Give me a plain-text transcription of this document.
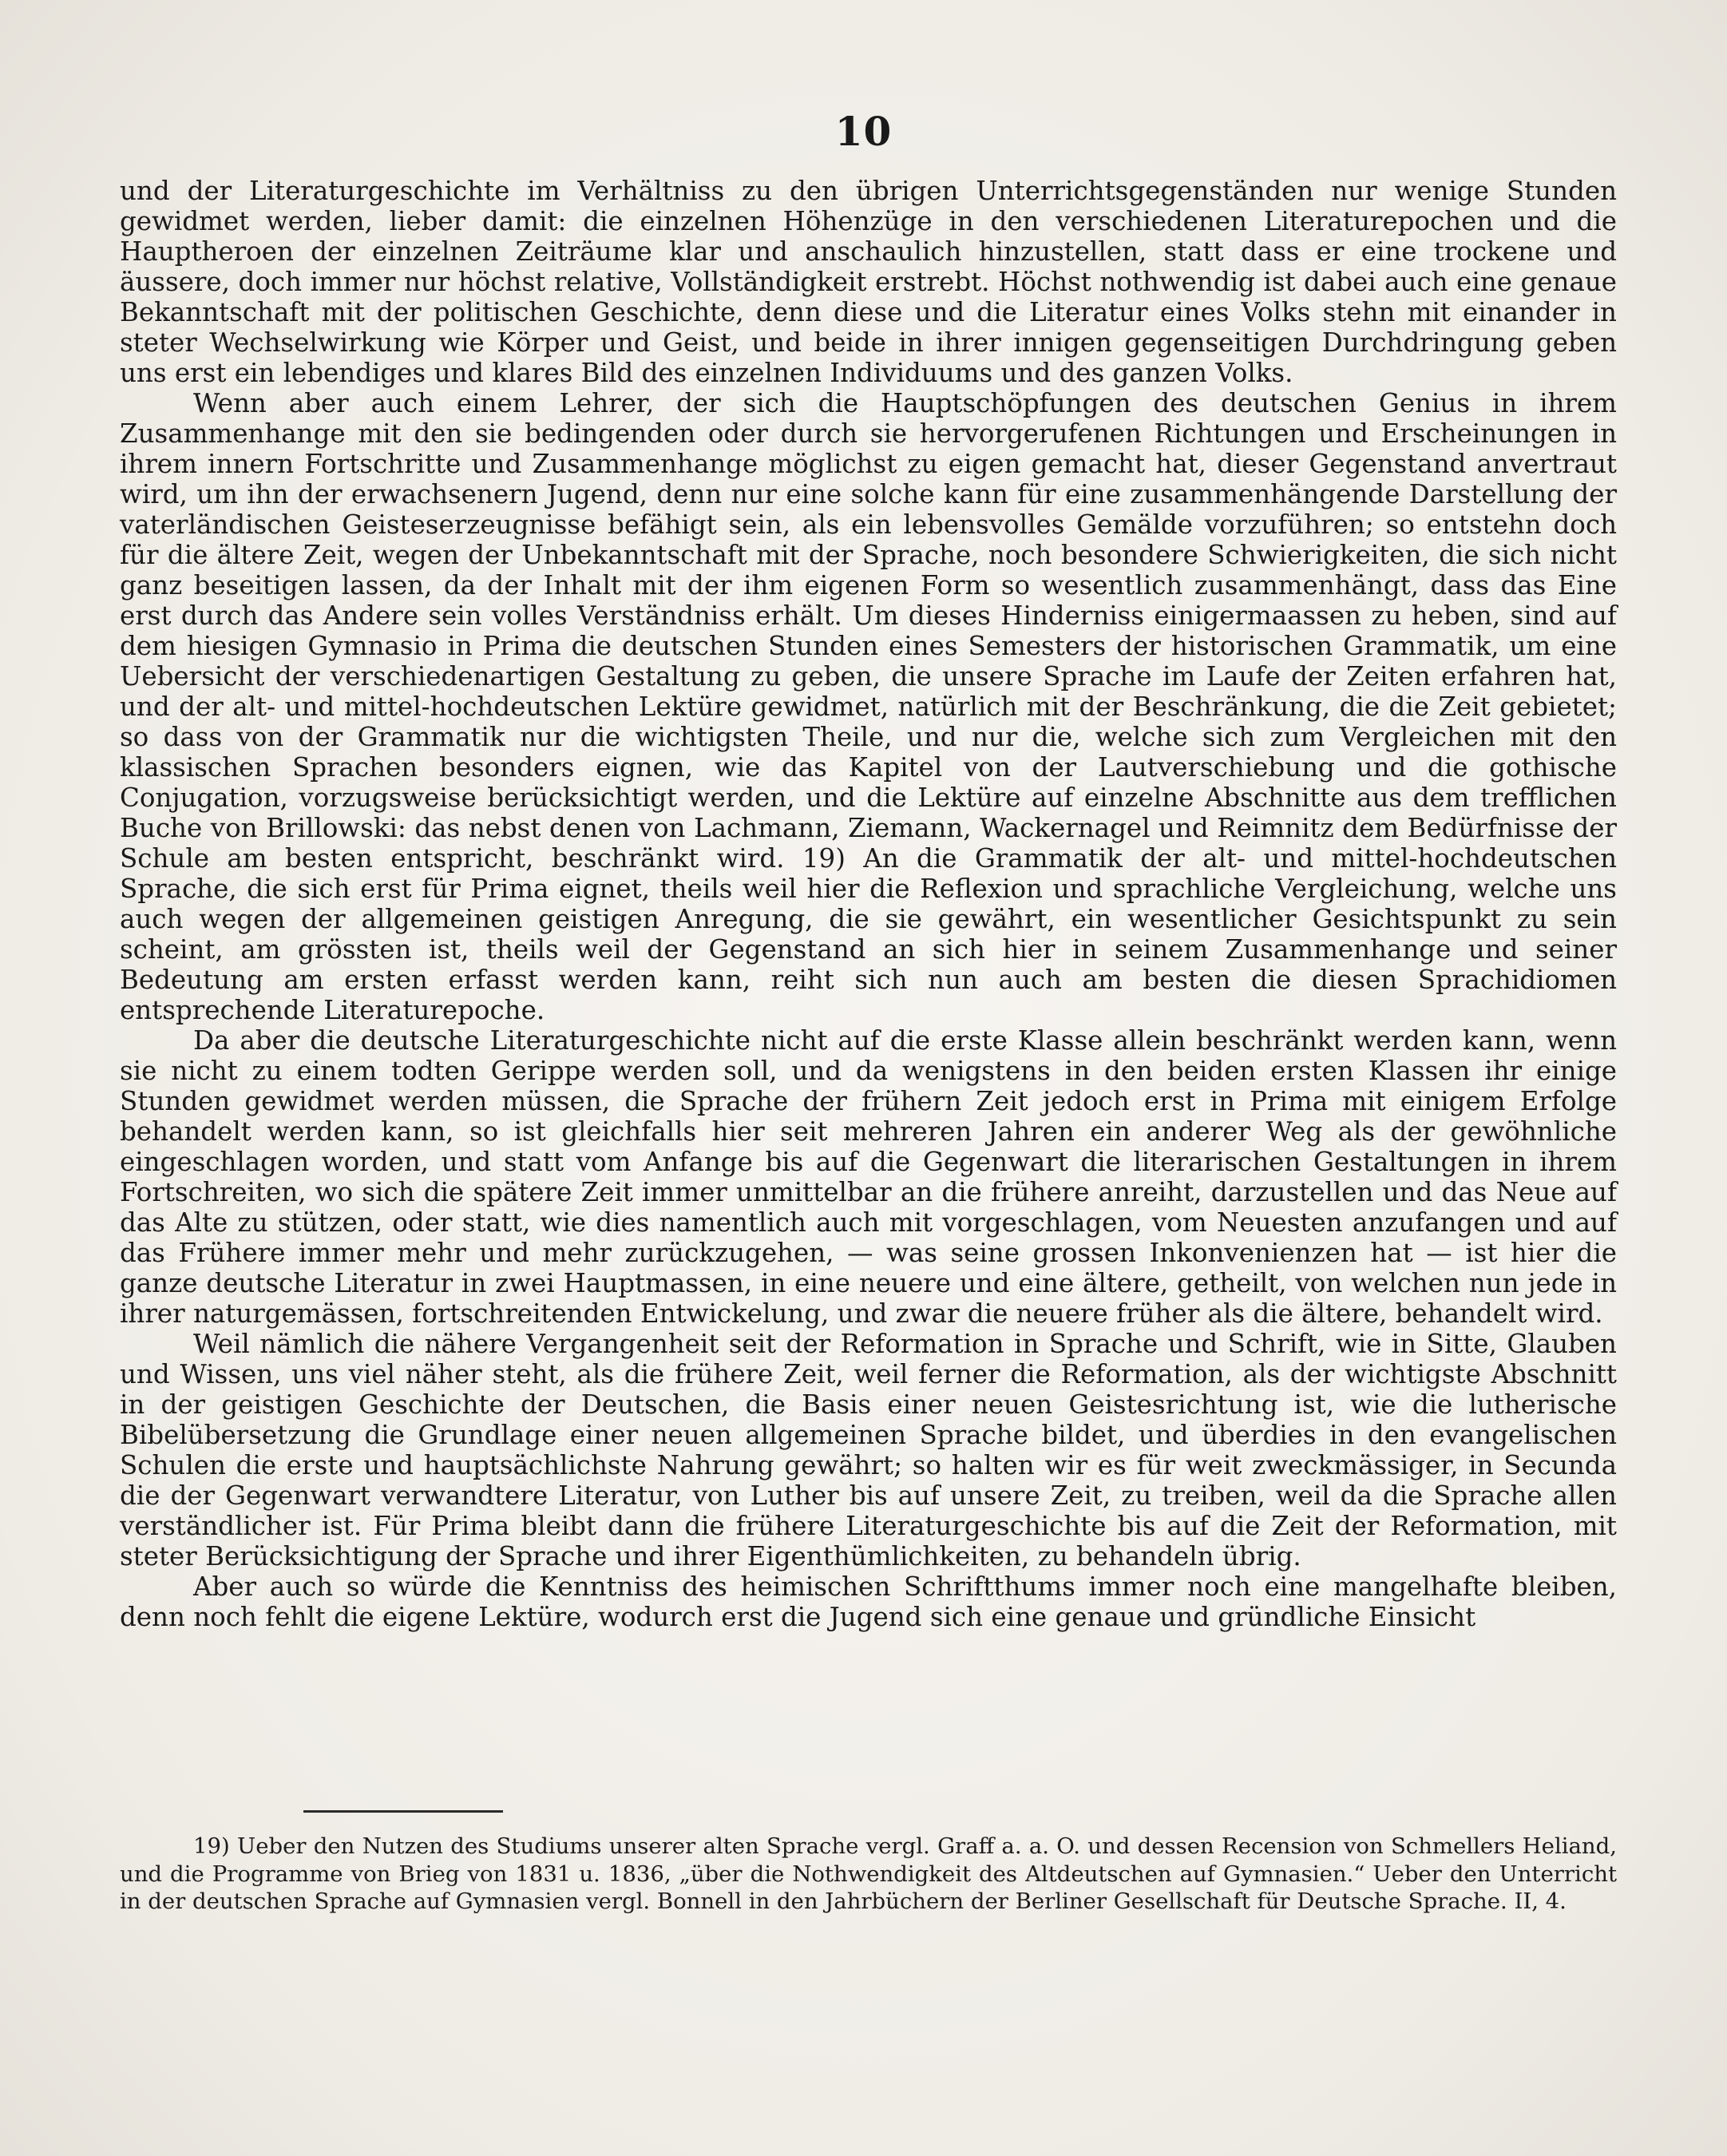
10

und der Literaturgeschichte im Verhältniss zu den übrigen Unterrichtsgegenständen nur wenige Stunden gewidmet werden, lieber damit: die einzelnen Höhenzüge in den verschiedenen Literaturepochen und die Hauptheroen der einzelnen Zeiträume klar und anschaulich hinzustellen, statt dass er eine trockene und äussere, doch immer nur höchst relative, Vollständigkeit erstrebt. Höchst nothwendig ist dabei auch eine genaue Bekanntschaft mit der politischen Geschichte, denn diese und die Literatur eines Volks stehn mit einander in steter Wechselwirkung wie Körper und Geist, und beide in ihrer innigen gegenseitigen Durchdringung geben uns erst ein lebendiges und klares Bild des einzelnen Individuums und des ganzen Volks.

Wenn aber auch einem Lehrer, der sich die Hauptschöpfungen des deutschen Genius in ihrem Zusammenhange mit den sie bedingenden oder durch sie hervorgerufenen Richtungen und Erscheinungen in ihrem innern Fortschritte und Zusammenhange möglichst zu eigen gemacht hat, dieser Gegenstand anvertraut wird, um ihn der erwachsenern Jugend, denn nur eine solche kann für eine zusammenhängende Darstellung der vaterländischen Geisteserzeugnisse befähigt sein, als ein lebensvolles Gemälde vorzuführen; so entstehn doch für die ältere Zeit, wegen der Unbekanntschaft mit der Sprache, noch besondere Schwierigkeiten, die sich nicht ganz beseitigen lassen, da der Inhalt mit der ihm eigenen Form so wesentlich zusammenhängt, dass das Eine erst durch das Andere sein volles Verständniss erhält. Um dieses Hinderniss einigermaassen zu heben, sind auf dem hiesigen Gymnasio in Prima die deutschen Stunden eines Semesters der historischen Grammatik, um eine Uebersicht der verschiedenartigen Gestaltung zu geben, die unsere Sprache im Laufe der Zeiten erfahren hat, und der alt- und mittel-hochdeutschen Lektüre gewidmet, natürlich mit der Beschränkung, die die Zeit gebietet; so dass von der Grammatik nur die wichtigsten Theile, und nur die, welche sich zum Vergleichen mit den klassischen Sprachen besonders eignen, wie das Kapitel von der Lautverschiebung und die gothische Conjugation, vorzugsweise berücksichtigt werden, und die Lektüre auf einzelne Abschnitte aus dem trefflichen Buche von Brillowski: das nebst denen von Lachmann, Ziemann, Wackernagel und Reimnitz dem Bedürfnisse der Schule am besten entspricht, beschränkt wird. 19) An die Grammatik der alt- und mittel-hochdeutschen Sprache, die sich erst für Prima eignet, theils weil hier die Reflexion und sprachliche Vergleichung, welche uns auch wegen der allgemeinen geistigen Anregung, die sie gewährt, ein wesentlicher Gesichtspunkt zu sein scheint, am grössten ist, theils weil der Gegenstand an sich hier in seinem Zusammenhange und seiner Bedeutung am ersten erfasst werden kann, reiht sich nun auch am besten die diesen Sprachidiomen entsprechende Literaturepoche.

Da aber die deutsche Literaturgeschichte nicht auf die erste Klasse allein beschränkt werden kann, wenn sie nicht zu einem todten Gerippe werden soll, und da wenigstens in den beiden ersten Klassen ihr einige Stunden gewidmet werden müssen, die Sprache der frühern Zeit jedoch erst in Prima mit einigem Erfolge behandelt werden kann, so ist gleichfalls hier seit mehreren Jahren ein anderer Weg als der gewöhnliche eingeschlagen worden, und statt vom Anfange bis auf die Gegenwart die literarischen Gestaltungen in ihrem Fortschreiten, wo sich die spätere Zeit immer unmittelbar an die frühere anreiht, darzustellen und das Neue auf das Alte zu stützen, oder statt, wie dies namentlich auch mit vorgeschlagen, vom Neuesten anzufangen und auf das Frühere immer mehr und mehr zurückzugehen, — was seine grossen Inkonvenienzen hat — ist hier die ganze deutsche Literatur in zwei Hauptmassen, in eine neuere und eine ältere, getheilt, von welchen nun jede in ihrer naturgemässen, fortschreitenden Entwickelung, und zwar die neuere früher als die ältere, behandelt wird.

Weil nämlich die nähere Vergangenheit seit der Reformation in Sprache und Schrift, wie in Sitte, Glauben und Wissen, uns viel näher steht, als die frühere Zeit, weil ferner die Reformation, als der wichtigste Abschnitt in der geistigen Geschichte der Deutschen, die Basis einer neuen Geistesrichtung ist, wie die lutherische Bibelübersetzung die Grundlage einer neuen allgemeinen Sprache bildet, und überdies in den evangelischen Schulen die erste und hauptsächlichste Nahrung gewährt; so halten wir es für weit zweckmässiger, in Secunda die der Gegenwart verwandtere Literatur, von Luther bis auf unsere Zeit, zu treiben, weil da die Sprache allen verständlicher ist. Für Prima bleibt dann die frühere Literaturgeschichte bis auf die Zeit der Reformation, mit steter Berücksichtigung der Sprache und ihrer Eigenthümlichkeiten, zu behandeln übrig.

Aber auch so würde die Kenntniss des heimischen Schriftthums immer noch eine mangelhafte bleiben, denn noch fehlt die eigene Lektüre, wodurch erst die Jugend sich eine genaue und gründliche Einsicht

19) Ueber den Nutzen des Studiums unserer alten Sprache vergl. Graff a. a. O. und dessen Recension von Schmellers Heliand, und die Programme von Brieg von 1831 u. 1836, „über die Nothwendigkeit des Altdeutschen auf Gymnasien.“ Ueber den Unterricht in der deutschen Sprache auf Gymnasien vergl. Bonnell in den Jahrbüchern der Berliner Gesellschaft für Deutsche Sprache. II, 4.
